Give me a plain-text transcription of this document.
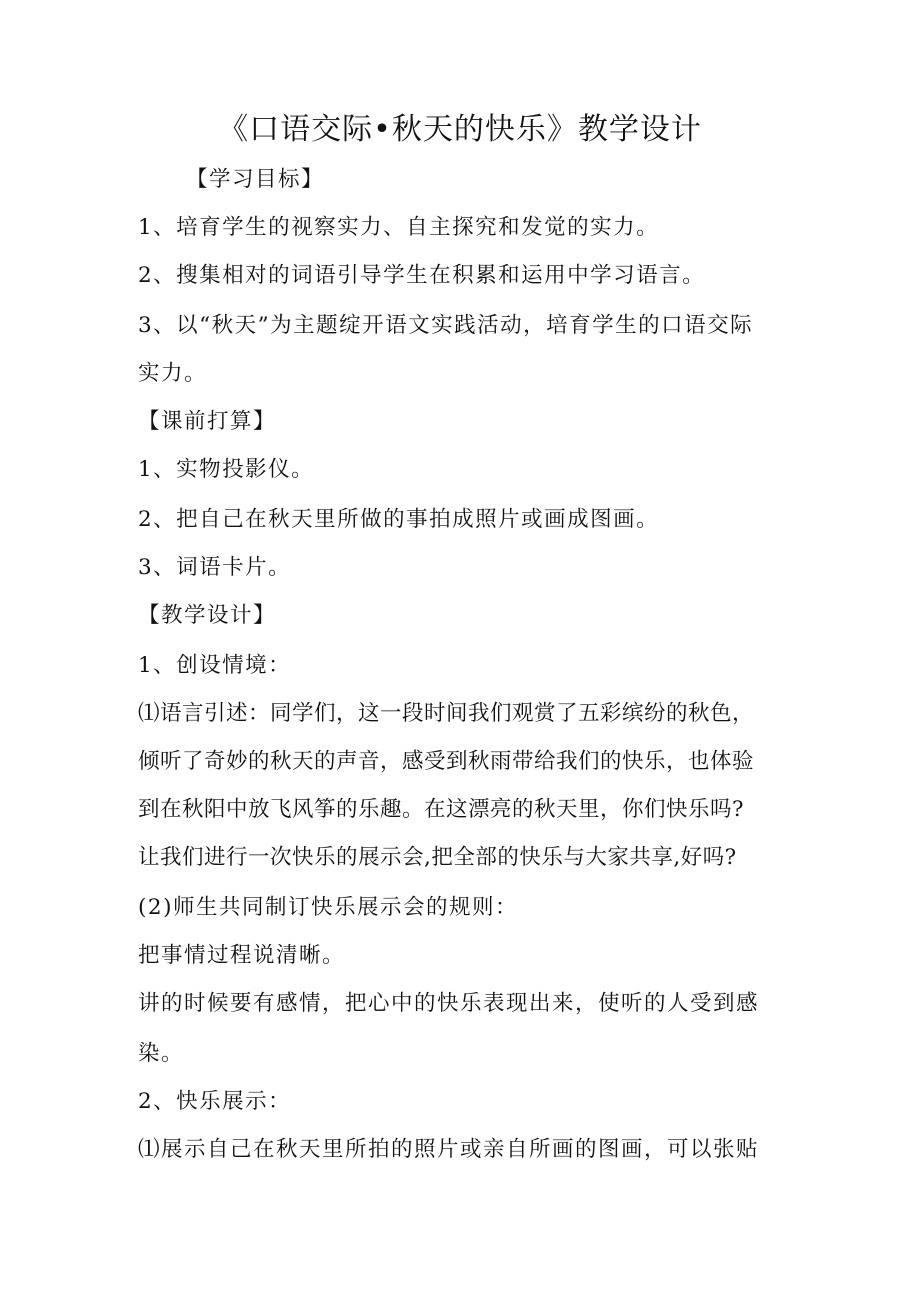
《口语交际•秋天的快乐》教学设计
【学习目标】
1、培育学生的视察实力、自主探究和发觉的实力。
2、搜集相对的词语引导学生在积累和运用中学习语言。
3、以“秋天”为主题绽开语文实践活动，培育学生的口语交际
实力。
【课前打算】
1、实物投影仪。
2、把自己在秋天里所做的事拍成照片或画成图画。
3、词语卡片。
【教学设计】
1、创设情境：
⑴语言引述：同学们，这一段时间我们观赏了五彩缤纷的秋色，
倾听了奇妙的秋天的声音，感受到秋雨带给我们的快乐，也体验
到在秋阳中放飞风筝的乐趣。在这漂亮的秋天里，你们快乐吗?
让我们进行一次快乐的展示会,把全部的快乐与大家共享,好吗?
(2)师生共同制订快乐展示会的规则：
把事情过程说清晰。
讲的时候要有感情，把心中的快乐表现出来，使听的人受到感
染。
2、快乐展示：
⑴展示自己在秋天里所拍的照片或亲自所画的图画，可以张贴
